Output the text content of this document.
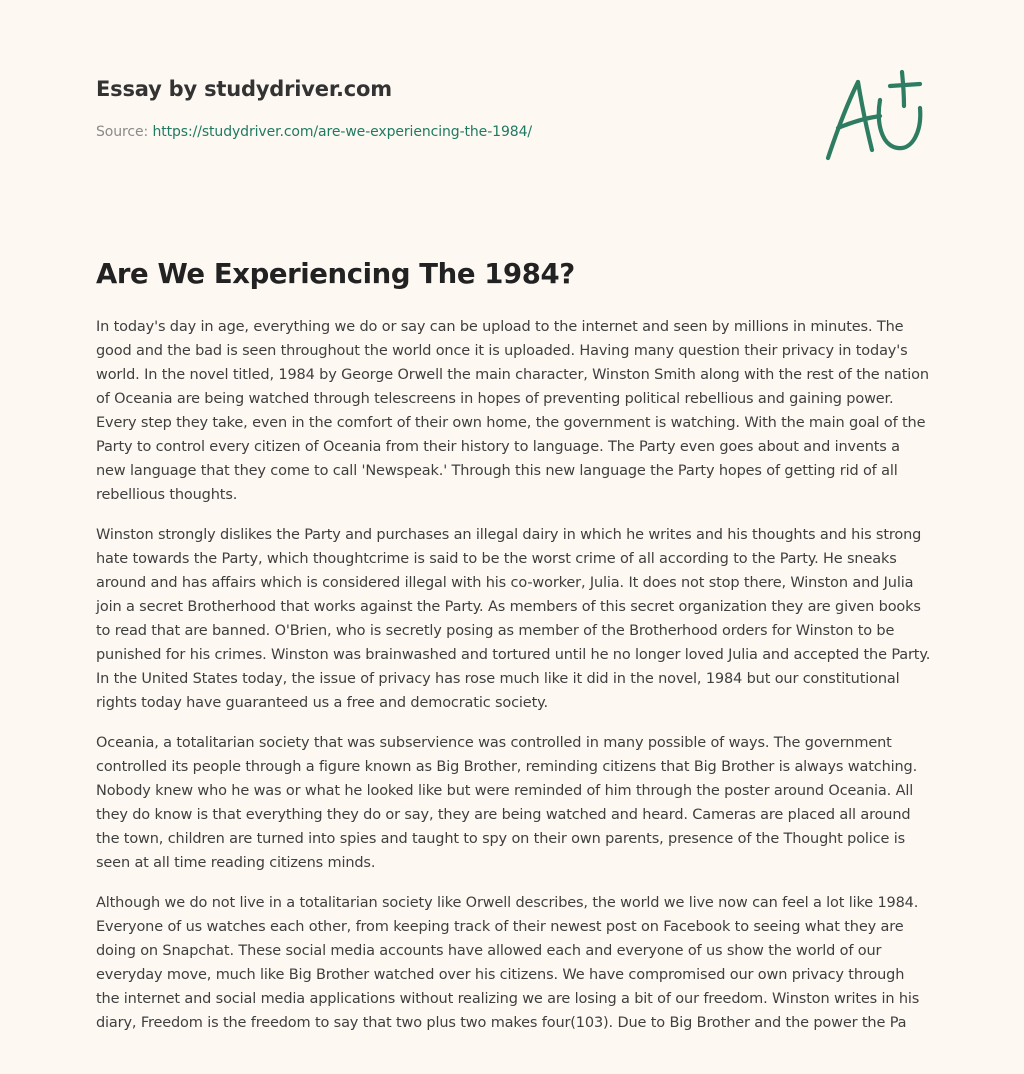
Essay by studydriver.com
Source: https://studydriver.com/are-we-experiencing-the-1984/
Are We Experiencing The 1984?

In today's day in age, everything we do or say can be upload to the internet and seen by millions in minutes. The good and the bad is seen throughout the world once it is uploaded. Having many question their privacy in today's world. In the novel titled, 1984 by George Orwell the main character, Winston Smith along with the rest of the nation of Oceania are being watched through telescreens in hopes of preventing political rebellious and gaining power. Every step they take, even in the comfort of their own home, the government is watching. With the main goal of the Party to control every citizen of Oceania from their history to language. The Party even goes about and invents a new language that they come to call 'Newspeak.' Through this new language the Party hopes of getting rid of all rebellious thoughts.

Winston strongly dislikes the Party and purchases an illegal dairy in which he writes and his thoughts and his strong hate towards the Party, which thoughtcrime is said to be the worst crime of all according to the Party. He sneaks around and has affairs which is considered illegal with his co-worker, Julia. It does not stop there, Winston and Julia join a secret Brotherhood that works against the Party. As members of this secret organization they are given books to read that are banned. O'Brien, who is secretly posing as member of the Brotherhood orders for Winston to be punished for his crimes. Winston was brainwashed and tortured until he no longer loved Julia and accepted the Party. In the United States today, the issue of privacy has rose much like it did in the novel, 1984 but our constitutional rights today have guaranteed us a free and democratic society.

Oceania, a totalitarian society that was subservience was controlled in many possible of ways. The government controlled its people through a figure known as Big Brother, reminding citizens that Big Brother is always watching. Nobody knew who he was or what he looked like but were reminded of him through the poster around Oceania. All they do know is that everything they do or say, they are being watched and heard. Cameras are placed all around the town, children are turned into spies and taught to spy on their own parents, presence of the Thought police is seen at all time reading citizens minds.

Although we do not live in a totalitarian society like Orwell describes, the world we live now can feel a lot like 1984. Everyone of us watches each other, from keeping track of their newest post on Facebook to seeing what they are doing on Snapchat. These social media accounts have allowed each and everyone of us show the world of our everyday move, much like Big Brother watched over his citizens. We have compromised our own privacy through the internet and social media applications without realizing we are losing a bit of our freedom. Winston writes in his diary, Freedom is the freedom to say that two plus two makes four(103). Due to Big Brother and the power the Pa
